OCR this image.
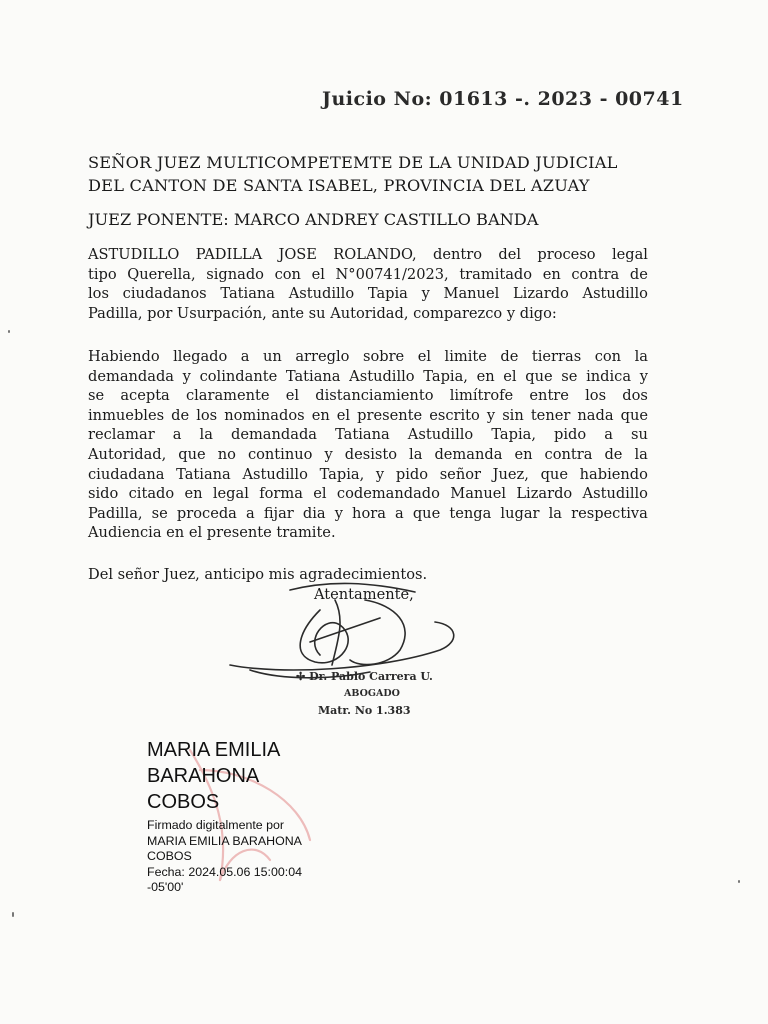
Juicio No: 01613 -. 2023 - 00741
SEÑOR JUEZ MULTICOMPETEMTE DE LA UNIDAD JUDICIAL
DEL CANTON DE SANTA ISABEL, PROVINCIA DEL AZUAY
JUEZ PONENTE: MARCO ANDREY CASTILLO BANDA
ASTUDILLO PADILLA JOSE ROLANDO, dentro del proceso legal
tipo Querella, signado con el N°00741/2023, tramitado en contra de
los ciudadanos Tatiana Astudillo Tapia y Manuel Lizardo Astudillo
Padilla, por Usurpación, ante su Autoridad, comparezco y digo:
Habiendo llegado a un arreglo sobre el limite de tierras con la
demandada y colindante Tatiana Astudillo Tapia, en el que se indica y
se acepta claramente el distanciamiento limítrofe entre los dos
inmuebles de los nominados en el presente escrito y sin tener nada que
reclamar a la demandada Tatiana Astudillo Tapia, pido a su
Autoridad, que no continuo y desisto la demanda en contra de la
ciudadana Tatiana Astudillo Tapia, y pido señor Juez, que habiendo
sido citado en legal forma el codemandado Manuel Lizardo Astudillo
Padilla, se proceda a fijar dia y hora a que tenga lugar la respectiva
Audiencia en el presente tramite.
Del señor Juez, anticipo mis agradecimientos.
Atentamente,
✢ Dr. Pablo Carrera U.
ABOGADO
Matr. No 1.383
MARIA EMILIA
BARAHONA
COBOS
Firmado digitalmente por
MARIA EMILIA BARAHONA
COBOS
Fecha: 2024.05.06 15:00:04
-05'00'
